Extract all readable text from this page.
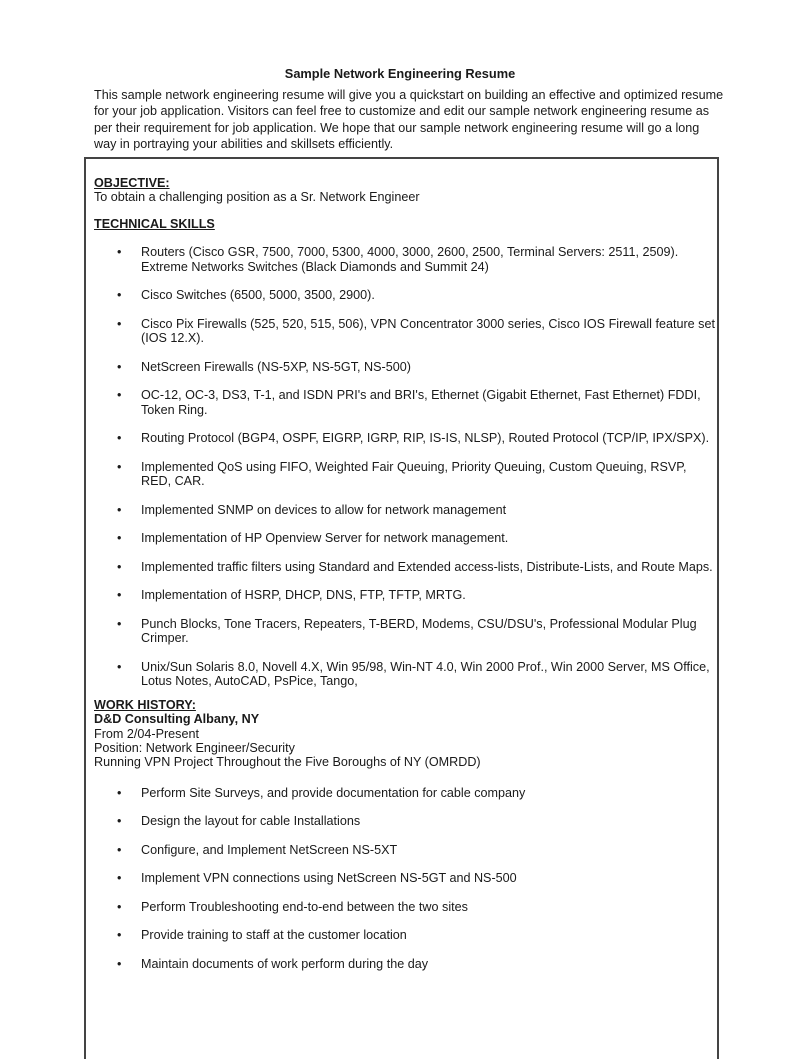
Sample Network Engineering Resume
This sample network engineering resume will give you a quickstart on building an effective and optimized resume for your job application. Visitors can feel free to customize and edit our sample network engineering resume as per their requirement for job application. We hope that our sample network engineering resume will go a long way in portraying your abilities and skillsets efficiently.
OBJECTIVE:
To obtain a challenging position as a Sr. Network Engineer
TECHNICAL SKILLS
• Routers (Cisco GSR, 7500, 7000, 5300, 4000, 3000, 2600, 2500, Terminal Servers: 2511, 2509). Extreme Networks Switches (Black Diamonds and Summit 24)
• Cisco Switches (6500, 5000, 3500, 2900).
• Cisco Pix Firewalls (525, 520, 515, 506), VPN Concentrator 3000 series, Cisco IOS Firewall feature set (IOS 12.X).
• NetScreen Firewalls (NS-5XP, NS-5GT, NS-500)
• OC-12, OC-3, DS3, T-1, and ISDN PRI's and BRI's, Ethernet (Gigabit Ethernet, Fast Ethernet) FDDI, Token Ring.
• Routing Protocol (BGP4, OSPF, EIGRP, IGRP, RIP, IS-IS, NLSP), Routed Protocol (TCP/IP, IPX/SPX).
• Implemented QoS using FIFO, Weighted Fair Queuing, Priority Queuing, Custom Queuing, RSVP, RED, CAR.
• Implemented SNMP on devices to allow for network management
• Implementation of HP Openview Server for network management.
• Implemented traffic filters using Standard and Extended access-lists, Distribute-Lists, and Route Maps.
• Implementation of HSRP, DHCP, DNS, FTP, TFTP, MRTG.
• Punch Blocks, Tone Tracers, Repeaters, T-BERD, Modems, CSU/DSU's, Professional Modular Plug Crimper.
• Unix/Sun Solaris 8.0, Novell 4.X, Win 95/98, Win-NT 4.0, Win 2000 Prof., Win 2000 Server, MS Office, Lotus Notes, AutoCAD, PsPice, Tango,
WORK HISTORY:
D&D Consulting Albany, NY
From 2/04-Present
Position: Network Engineer/Security
Running VPN Project Throughout the Five Boroughs of NY (OMRDD)
• Perform Site Surveys, and provide documentation for cable company
• Design the layout for cable Installations
• Configure, and Implement NetScreen NS-5XT
• Implement VPN connections using NetScreen NS-5GT and NS-500
• Perform Troubleshooting end-to-end between the two sites
• Provide training to staff at the customer location
• Maintain documents of work perform during the day
